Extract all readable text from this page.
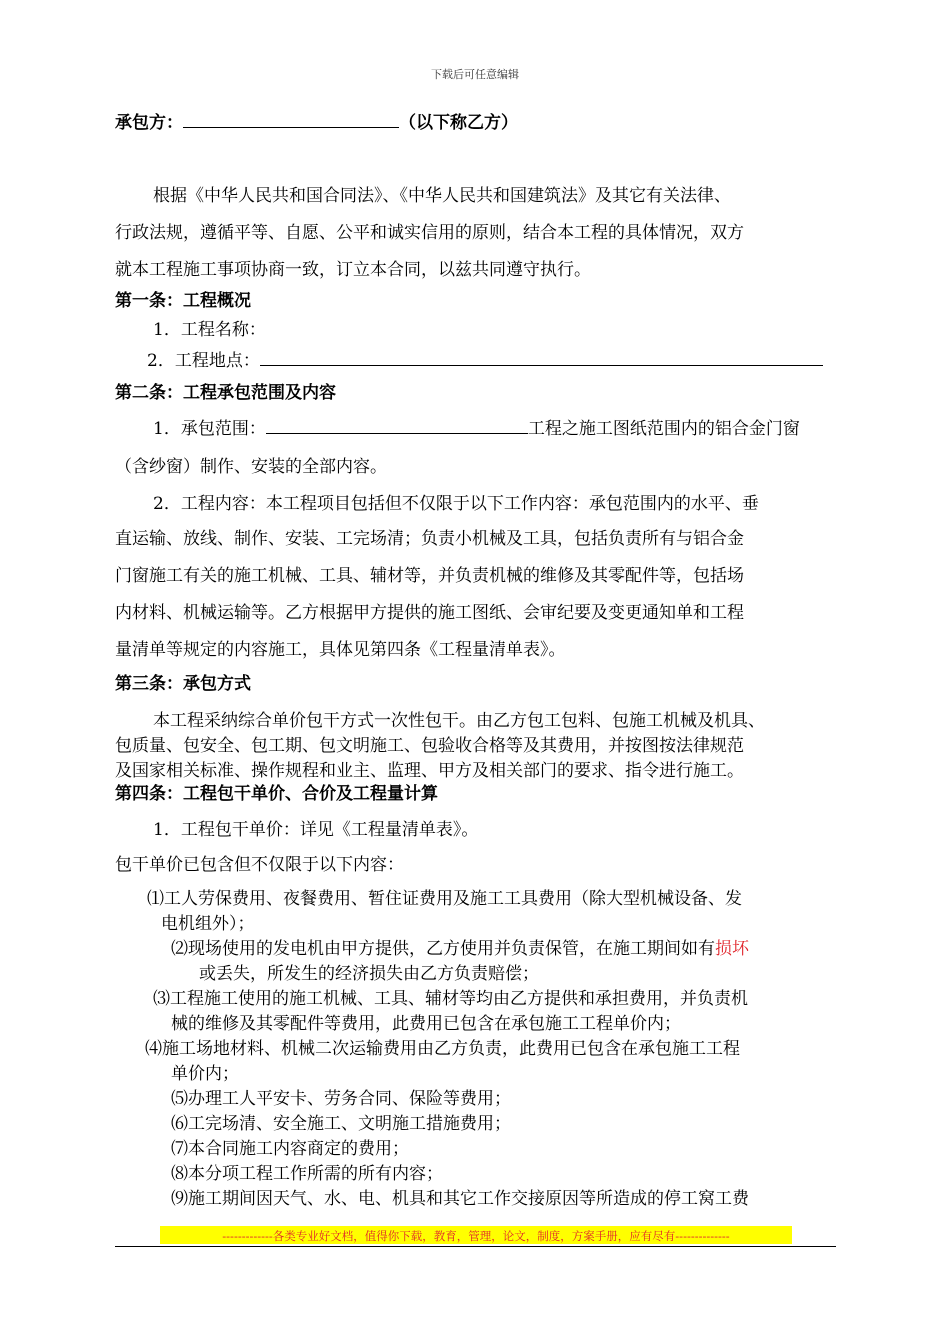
下载后可任意编辑
承包方：	（以下称乙方）
根据《中华人民共和国合同法》、《中华人民共和国建筑法》及其它有关法律、
行政法规，遵循平等、自愿、公平和诚实信用的原则，结合本工程的具体情况，双方
就本工程施工事项协商一致，订立本合同，以兹共同遵守执行。
第一条：工程概况
1．工程名称：
2．工程地点：
第二条：工程承包范围及内容
1．承包范围：	工程之施工图纸范围内的铝合金门窗
（含纱窗）制作、安装的全部内容。
2．工程内容：本工程项目包括但不仅限于以下工作内容：承包范围内的水平、垂
直运输、放线、制作、安装、工完场清；负责小机械及工具，包括负责所有与铝合金
门窗施工有关的施工机械、工具、辅材等，并负责机械的维修及其零配件等，包括场
内材料、机械运输等。乙方根据甲方提供的施工图纸、会审纪要及变更通知单和工程
量清单等规定的内容施工，具体见第四条《工程量清单表》。
第三条：承包方式
本工程采纳综合单价包干方式一次性包干。由乙方包工包料、包施工机械及机具、
包质量、包安全、包工期、包文明施工、包验收合格等及其费用，并按图按法律规范
及国家相关标准、操作规程和业主、监理、甲方及相关部门的要求、指令进行施工。
第四条：工程包干单价、合价及工程量计算
1．工程包干单价：详见《工程量清单表》。
包干单价已包含但不仅限于以下内容：
⑴工人劳保费用、夜餐费用、暂住证费用及施工工具费用（除大型机械设备、发
电机组外）；
⑵现场使用的发电机由甲方提供，乙方使用并负责保管，在施工期间如有损坏
或丢失，所发生的经济损失由乙方负责赔偿；
⑶工程施工使用的施工机械、工具、辅材等均由乙方提供和承担费用，并负责机
械的维修及其零配件等费用，此费用已包含在承包施工工程单价内；
⑷施工场地材料、机械二次运输费用由乙方负责，此费用已包含在承包施工工程
单价内；
⑸办理工人平安卡、劳务合同、保险等费用；
⑹工完场清、安全施工、文明施工措施费用；
⑺本合同施工内容商定的费用；
⑻本分项工程工作所需的所有内容；
⑼施工期间因天气、水、电、机具和其它工作交接原因等所造成的停工窝工费
-------------各类专业好文档，值得你下载，教育，管理，论文，制度，方案手册，应有尽有--------------
